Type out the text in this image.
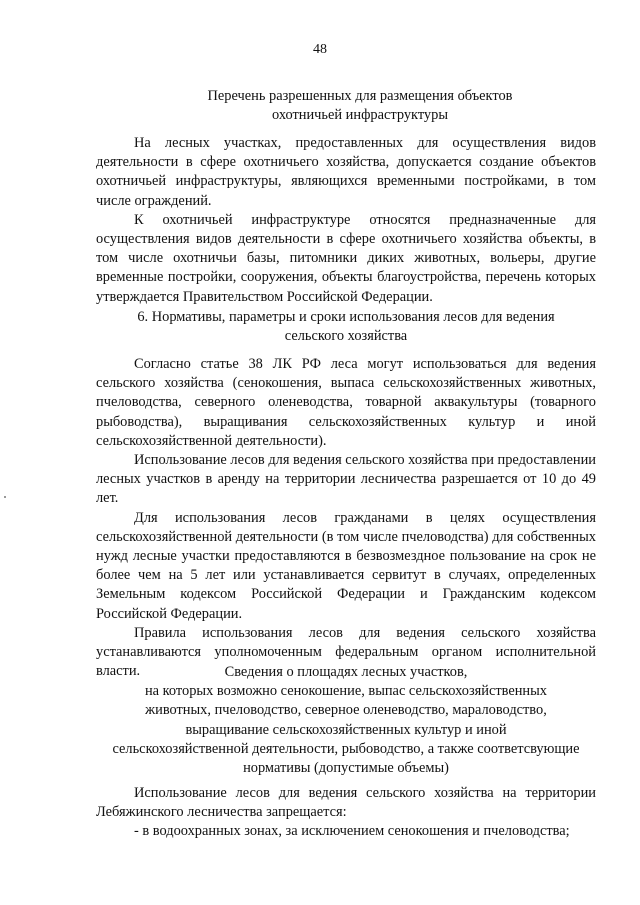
48
Перечень разрешенных для размещения объектов
охотничьей инфраструктуры

На лесных участках, предоставленных для осуществления видов деятельности в сфере охотничьего хозяйства, допускается создание объектов охотничьей инфраструктуры, являющихся временными постройками, в том числе ограждений.

К охотничьей инфраструктуре относятся предназначенные для осуществления видов деятельности в сфере охотничьего хозяйства объекты, в том числе охотничьи базы, питомники диких животных, вольеры, другие временные постройки, сооружения, объекты благоустройства, перечень которых утверждается Правительством Российской Федерации.

6. Нормативы, параметры и сроки использования лесов для ведения
сельского хозяйства

Согласно статье 38 ЛК РФ леса могут использоваться для ведения сельского хозяйства (сенокошения, выпаса сельскохозяйственных животных, пчеловодства, северного оленеводства, товарной аквакультуры (товарного рыбоводства), выращивания сельскохозяйственных культур и иной сельскохозяйственной деятельности).

Использование лесов для ведения сельского хозяйства при предоставлении лесных участков в аренду на территории лесничества разрешается от 10 до 49 лет.

Для использования лесов гражданами в целях осуществления сельскохозяйственной деятельности (в том числе пчеловодства) для собственных нужд лесные участки предоставляются в безвозмездное пользование на срок не более чем на 5 лет или устанавливается сервитут в случаях, определенных Земельным кодексом Российской Федерации и Гражданским кодексом Российской Федерации.

Правила использования лесов для ведения сельского хозяйства устанавливаются уполномоченным федеральным органом исполнительной власти.	Сведения о площадях лесных участков,
на которых возможно сенокошение, выпас сельскохозяйственных
животных, пчеловодство, северное оленеводство, мараловодство,
выращивание сельскохозяйственных культур и иной
сельскохозяйственной деятельности, рыбоводство, а также соответсвующие
нормативы (допустимые объемы)

Использование лесов для ведения сельского хозяйства на территории Лебяжинского лесничества запрещается:

- в водоохранных зонах, за исключением сенокошения и пчеловодства;
